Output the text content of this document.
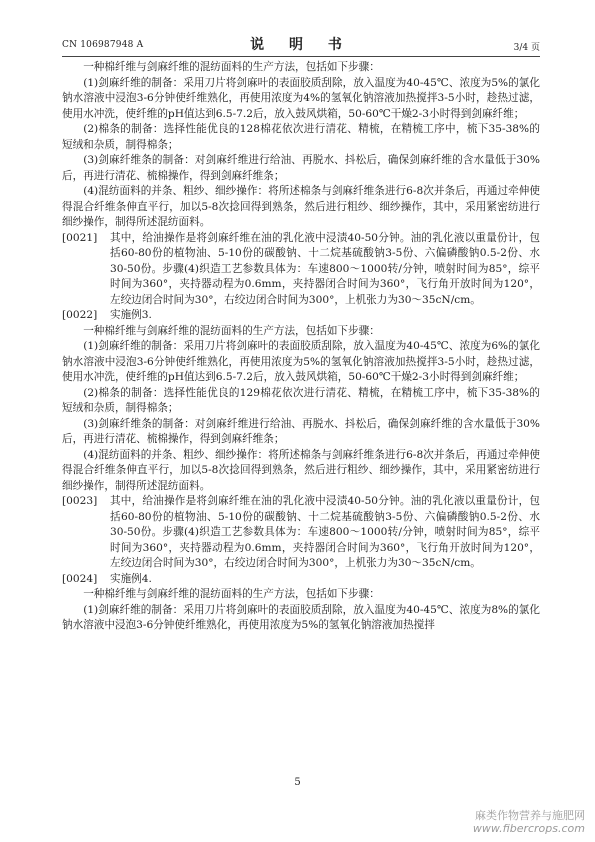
CN 106987948 A	说 明 书	3/4 页

一种棉纤维与剑麻纤维的混纺面料的生产方法，包括如下步骤：

(1)剑麻纤维的制备：采用刀片将剑麻叶的表面胶质刮除，放入温度为40-45℃、浓度为5%的氯化钠水溶液中浸泡3-6分钟使纤维熟化，再使用浓度为4%的氢氧化钠溶液加热搅拌3-5小时，趁热过滤，使用水冲洗，使纤维的pH值达到6.5-7.2后，放入鼓风烘箱，50-60℃干燥2-3小时得到剑麻纤维；

(2)棉条的制备：选择性能优良的128棉花依次进行清花、精梳，在精梳工序中，梳下35-38%的短绒和杂质，制得棉条；

(3)剑麻纤维条的制备：对剑麻纤维进行给油、再脱水、抖松后，确保剑麻纤维的含水量低于30%后，再进行清花、梳棉操作，得到剑麻纤维条；

(4)混纺面料的并条、粗纱、细纱操作：将所述棉条与剑麻纤维条进行6-8次并条后，再通过牵伸使得混合纤维条伸直平行，加以5-8次捻回得到熟条，然后进行粗纱、细纱操作，其中，采用紧密纺进行细纱操作，制得所述混纺面料。

[0021]	其中，给油操作是将剑麻纤维在油的乳化液中浸渍40-50分钟。油的乳化液以重量份计，包括60-80份的植物油、5-10份的碳酸钠、十二烷基硫酸钠3-5份、六偏磷酸钠0.5-2份、水30-50份。步骤(4)织造工艺参数具体为：车速800～1000转/分钟，喷射时间为85°，综平时间为360°，夹持器动程为0.6mm，夹持器闭合时间为360°，飞行角开放时间为120°，左绞边闭合时间为30°，右绞边闭合时间为300°，上机张力为30～35cN/cm。
[0022]	实施例3.

一种棉纤维与剑麻纤维的混纺面料的生产方法，包括如下步骤：

(1)剑麻纤维的制备：采用刀片将剑麻叶的表面胶质刮除，放入温度为40-45℃、浓度为6%的氯化钠水溶液中浸泡3-6分钟使纤维熟化，再使用浓度为5%的氢氧化钠溶液加热搅拌3-5小时，趁热过滤，使用水冲洗，使纤维的pH值达到6.5-7.2后，放入鼓风烘箱，50-60℃干燥2-3小时得到剑麻纤维；

(2)棉条的制备：选择性能优良的129棉花依次进行清花、精梳，在精梳工序中，梳下35-38%的短绒和杂质，制得棉条；

(3)剑麻纤维条的制备：对剑麻纤维进行给油、再脱水、抖松后，确保剑麻纤维的含水量低于30%后，再进行清花、梳棉操作，得到剑麻纤维条；

(4)混纺面料的并条、粗纱、细纱操作：将所述棉条与剑麻纤维条进行6-8次并条后，再通过牵伸使得混合纤维条伸直平行，加以5-8次捻回得到熟条，然后进行粗纱、细纱操作，其中，采用紧密纺进行细纱操作，制得所述混纺面料。

[0023]	其中，给油操作是将剑麻纤维在油的乳化液中浸渍40-50分钟。油的乳化液以重量份计，包括60-80份的植物油、5-10份的碳酸钠、十二烷基硫酸钠3-5份、六偏磷酸钠0.5-2份、水30-50份。步骤(4)织造工艺参数具体为：车速800～1000转/分钟，喷射时间为85°，综平时间为360°，夹持器动程为0.6mm，夹持器闭合时间为360°，飞行角开放时间为120°，左绞边闭合时间为30°，右绞边闭合时间为300°，上机张力为30～35cN/cm。
[0024]	实施例4.

一种棉纤维与剑麻纤维的混纺面料的生产方法，包括如下步骤：

(1)剑麻纤维的制备：采用刀片将剑麻叶的表面胶质刮除，放入温度为40-45℃、浓度为8%的氯化钠水溶液中浸泡3-6分钟使纤维熟化，再使用浓度为5%的氢氧化钠溶液加热搅拌

5
麻类作物营养与施肥网
www.fibercrops.com
